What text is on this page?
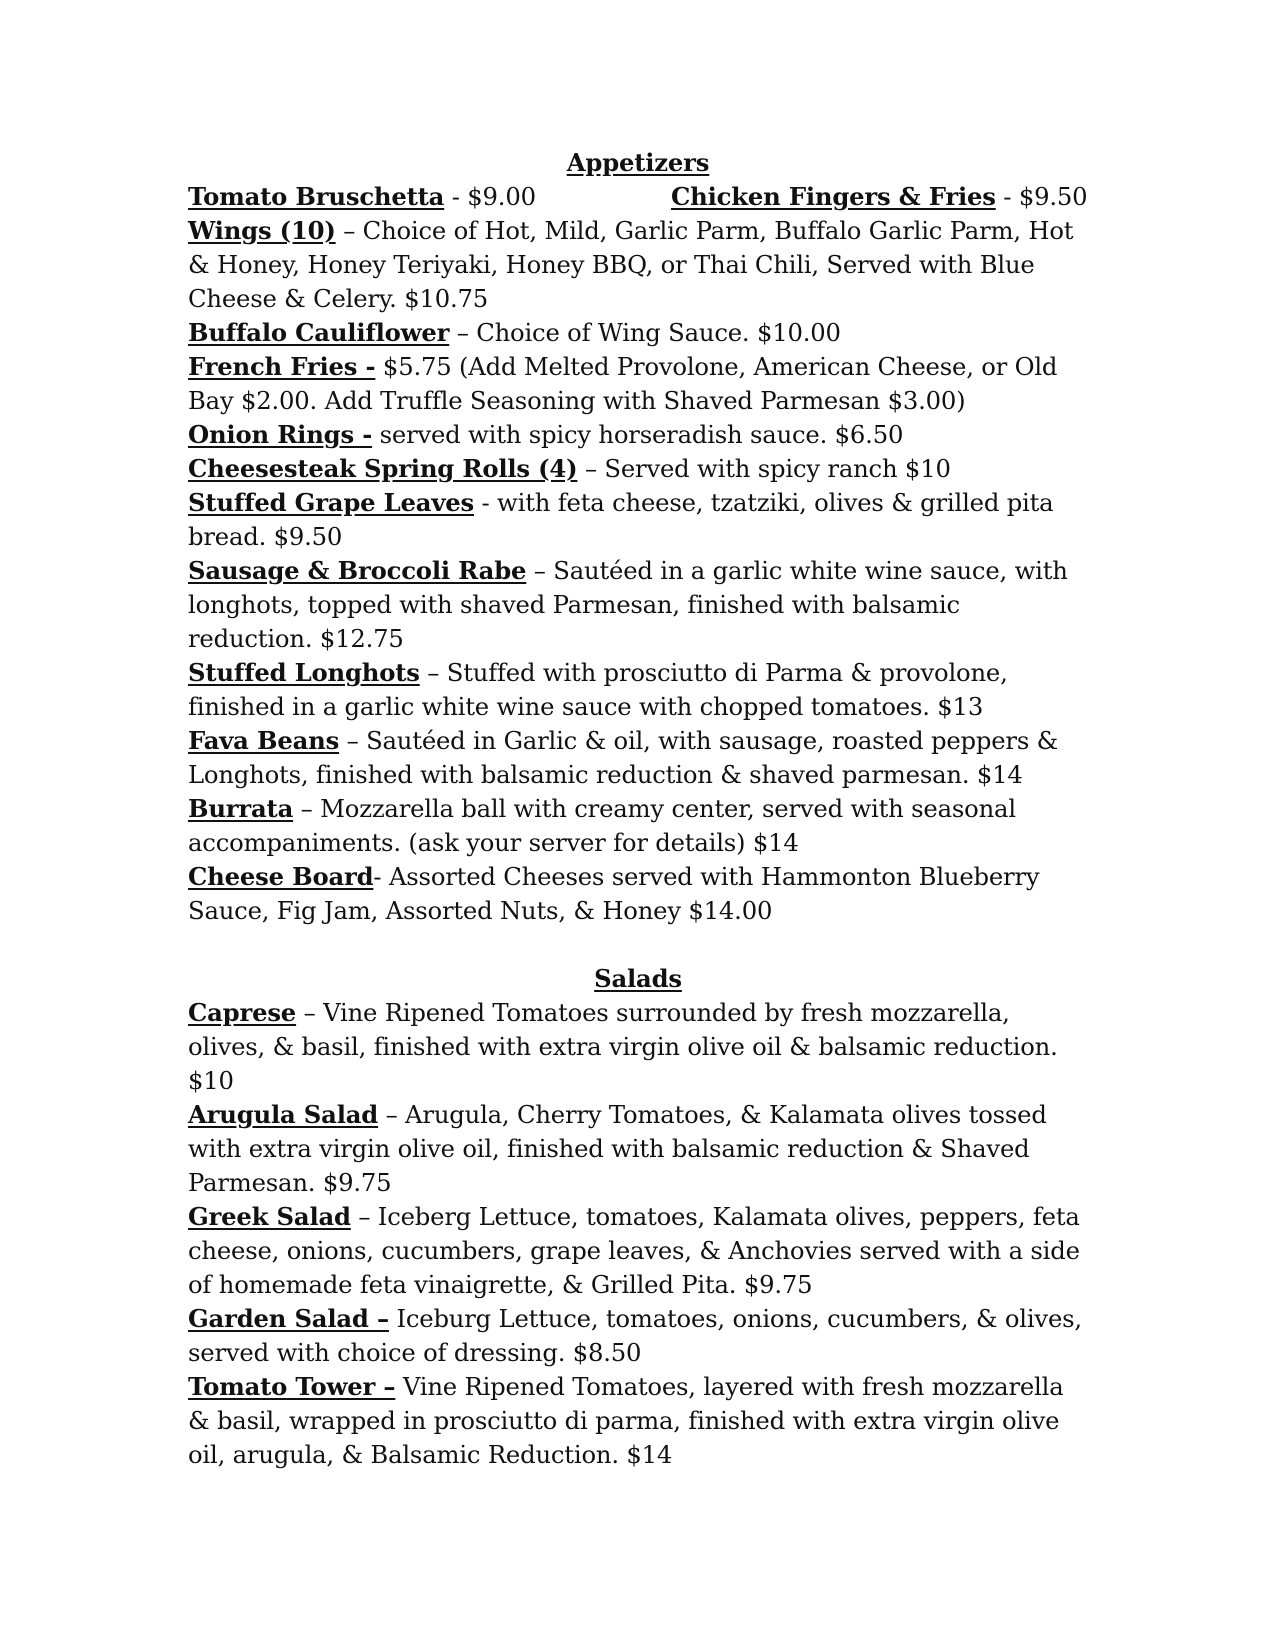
Appetizers
Tomato Bruschetta - $9.00	Chicken Fingers & Fries - $9.50

Wings (10) – Choice of Hot, Mild, Garlic Parm, Buffalo Garlic Parm, Hot & Honey, Honey Teriyaki, Honey BBQ, or Thai Chili, Served with Blue Cheese & Celery. $10.75

Buffalo Cauliflower – Choice of Wing Sauce. $10.00

French Fries - $5.75 (Add Melted Provolone, American Cheese, or Old Bay $2.00. Add Truffle Seasoning with Shaved Parmesan $3.00)

Onion Rings - served with spicy horseradish sauce. $6.50

Cheesesteak Spring Rolls (4) – Served with spicy ranch $10

Stuffed Grape Leaves - with feta cheese, tzatziki, olives & grilled pita bread. $9.50

Sausage & Broccoli Rabe – Sautéed in a garlic white wine sauce, with longhots, topped with shaved Parmesan, finished with balsamic reduction. $12.75

Stuffed Longhots – Stuffed with prosciutto di Parma & provolone, finished in a garlic white wine sauce with chopped tomatoes. $13

Fava Beans – Sautéed in Garlic & oil, with sausage, roasted peppers & Longhots, finished with balsamic reduction & shaved parmesan. $14

Burrata – Mozzarella ball with creamy center, served with seasonal accompaniments. (ask your server for details) $14

Cheese Board- Assorted Cheeses served with Hammonton Blueberry Sauce, Fig Jam, Assorted Nuts, & Honey $14.00

Salads

Caprese – Vine Ripened Tomatoes surrounded by fresh mozzarella, olives, & basil, finished with extra virgin olive oil & balsamic reduction. $10

Arugula Salad – Arugula, Cherry Tomatoes, & Kalamata olives tossed with extra virgin olive oil, finished with balsamic reduction & Shaved Parmesan. $9.75

Greek Salad – Iceberg Lettuce, tomatoes, Kalamata olives, peppers, feta cheese, onions, cucumbers, grape leaves, & Anchovies served with a side of homemade feta vinaigrette, & Grilled Pita. $9.75

Garden Salad – Iceburg Lettuce, tomatoes, onions, cucumbers, & olives, served with choice of dressing. $8.50

Tomato Tower – Vine Ripened Tomatoes, layered with fresh mozzarella & basil, wrapped in prosciutto di parma, finished with extra virgin olive oil, arugula, & Balsamic Reduction. $14
